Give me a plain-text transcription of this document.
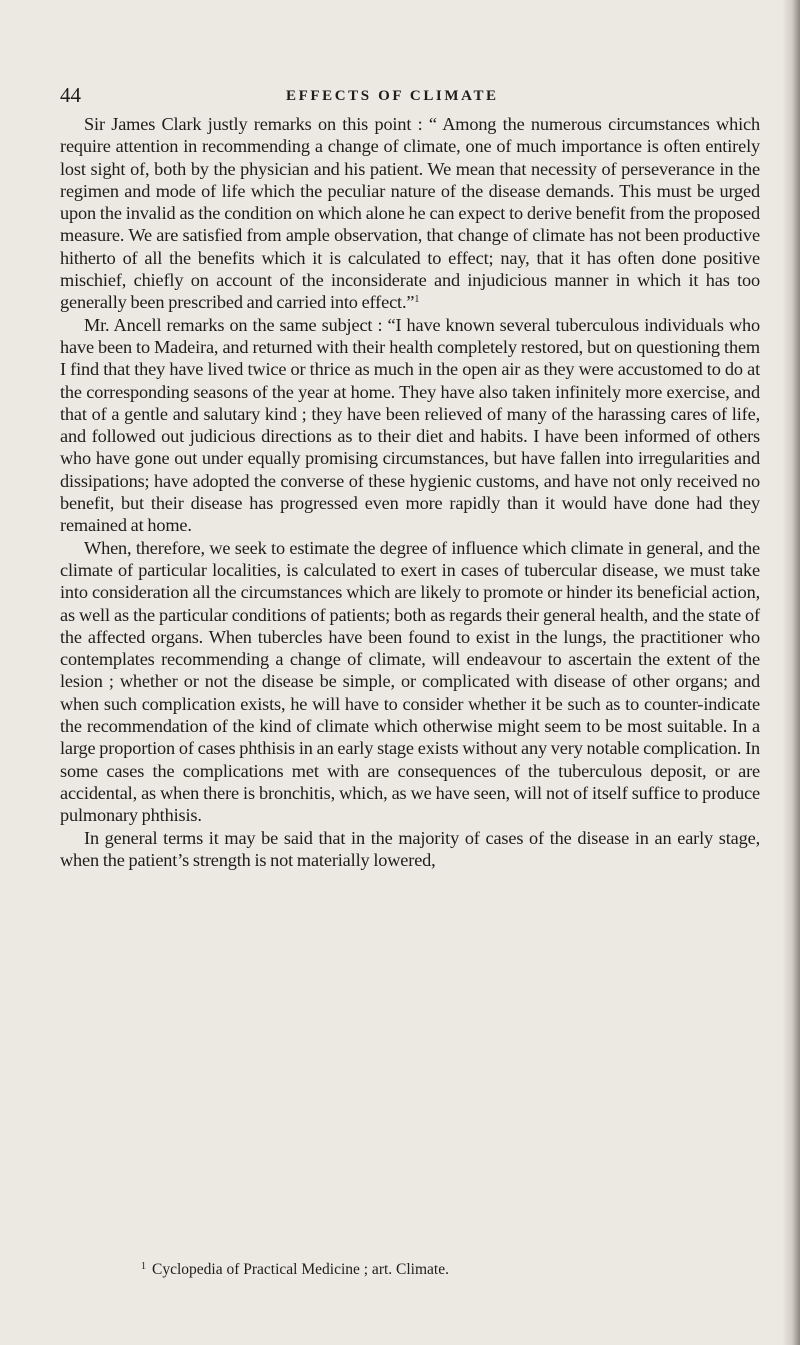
44	EFFECTS OF CLIMATE

Sir James Clark justly remarks on this point : “ Among the numerous circumstances which require attention in recommending a change of climate, one of much importance is often entirely lost sight of, both by the physician and his patient. We mean that necessity of perseverance in the regimen and mode of life which the peculiar nature of the disease demands. This must be urged upon the invalid as the condition on which alone he can expect to derive benefit from the proposed measure. We are satisfied from ample observation, that change of climate has not been productive hitherto of all the benefits which it is calculated to effect; nay, that it has often done positive mischief, chiefly on account of the inconsiderate and injudicious manner in which it has too generally been prescribed and carried into effect.”$^1$

Mr. Ancell remarks on the same subject : “I have known several tuberculous individuals who have been to Madeira, and returned with their health completely restored, but on questioning them I find that they have lived twice or thrice as much in the open air as they were accustomed to do at the corresponding seasons of the year at home. They have also taken infinitely more exercise, and that of a gentle and salutary kind ; they have been relieved of many of the harassing cares of life, and followed out judicious directions as to their diet and habits. I have been informed of others who have gone out under equally promising circumstances, but have fallen into irregularities and dissipations; have adopted the converse of these hygienic customs, and have not only received no benefit, but their disease has progressed even more rapidly than it would have done had they remained at home.

When, therefore, we seek to estimate the degree of influence which climate in general, and the climate of particular localities, is calculated to exert in cases of tubercular disease, we must take into consideration all the circumstances which are likely to promote or hinder its beneficial action, as well as the particular conditions of patients; both as regards their general health, and the state of the affected organs. When tubercles have been found to exist in the lungs, the practitioner who contemplates recommending a change of climate, will endeavour to ascertain the extent of the lesion ; whether or not the disease be simple, or complicated with disease of other organs; and when such complication exists, he will have to consider whether it be such as to counter-indicate the recommendation of the kind of climate which otherwise might seem to be most suitable. In a large proportion of cases phthisis in an early stage exists without any very notable complication. In some cases the complications met with are consequences of the tuberculous deposit, or are accidental, as when there is bronchitis, which, as we have seen, will not of itself suffice to produce pulmonary phthisis.

In general terms it may be said that in the majority of cases of the disease in an early stage, when the patient’s strength is not materially lowered,

$^1$ Cyclopedia of Practical Medicine ; art. Climate.
